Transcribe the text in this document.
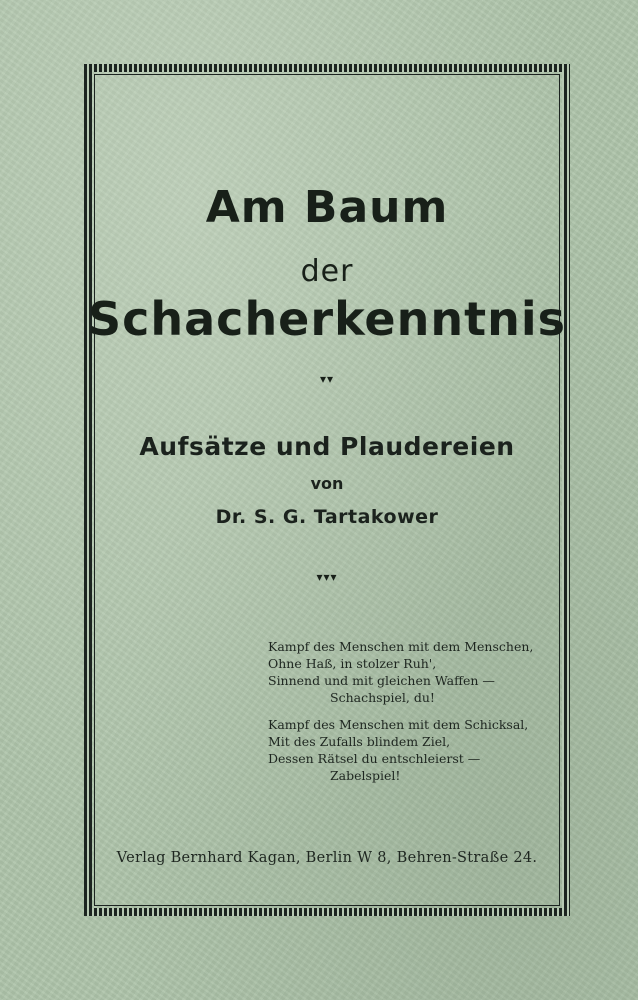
Am Baum
der
Schacherkenntnis
▾▾
Aufsätze und Plaudereien
von
Dr. S. G. Tartakower
▾▾▾
Kampf des Menschen mit dem Menschen,
Ohne Haß, in stolzer Ruh',
Sinnend und mit gleichen Waffen —
Schachspiel, du!
Kampf des Menschen mit dem Schicksal,
Mit des Zufalls blindem Ziel,
Dessen Rätsel du entschleierst —
Zabelspiel!
Verlag Bernhard Kagan, Berlin W 8, Behren-Straße 24.
